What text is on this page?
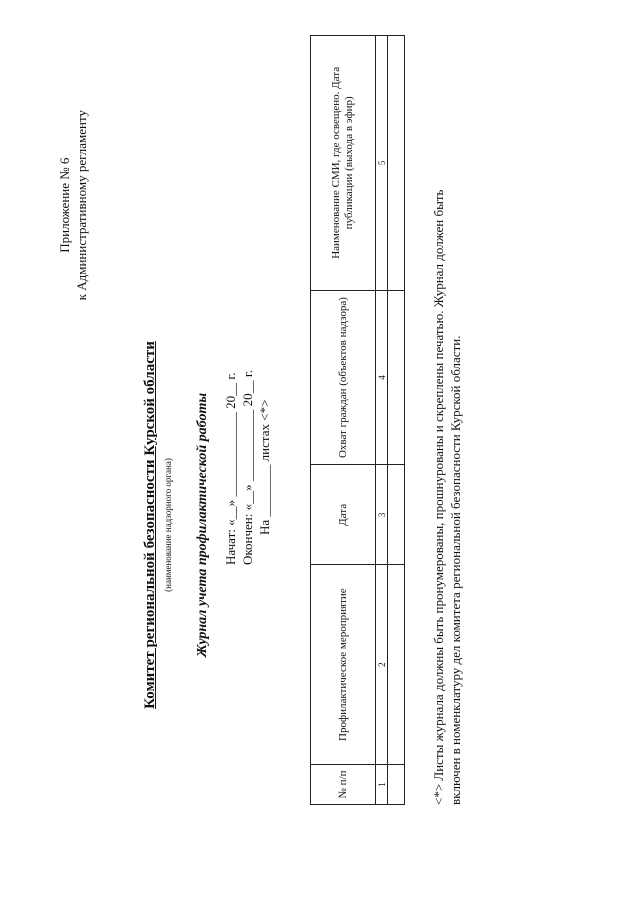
Приложение № 6 к Административному регламенту
Комитет региональной безопасности Курской области (наименование надзорного органа) Журнал учета профилактической работы Начат: «__» _____________ 20__ г. Окончен: «__» ___________ 20__ г. На ________ листах <*>
№ п/п	Профилактическое мероприятие	Дата	Охват граждан (объектов надзора)	Наименование СМИ, где освещено. Дата публикации (выхода в эфир)
1	2	3	4	5

<*> Листы журнала должны быть пронумерованы, прошнурованы и скреплены печатью. Журнал должен быть включен в номенклатуру дел комитета региональной безопасности Курской области.
